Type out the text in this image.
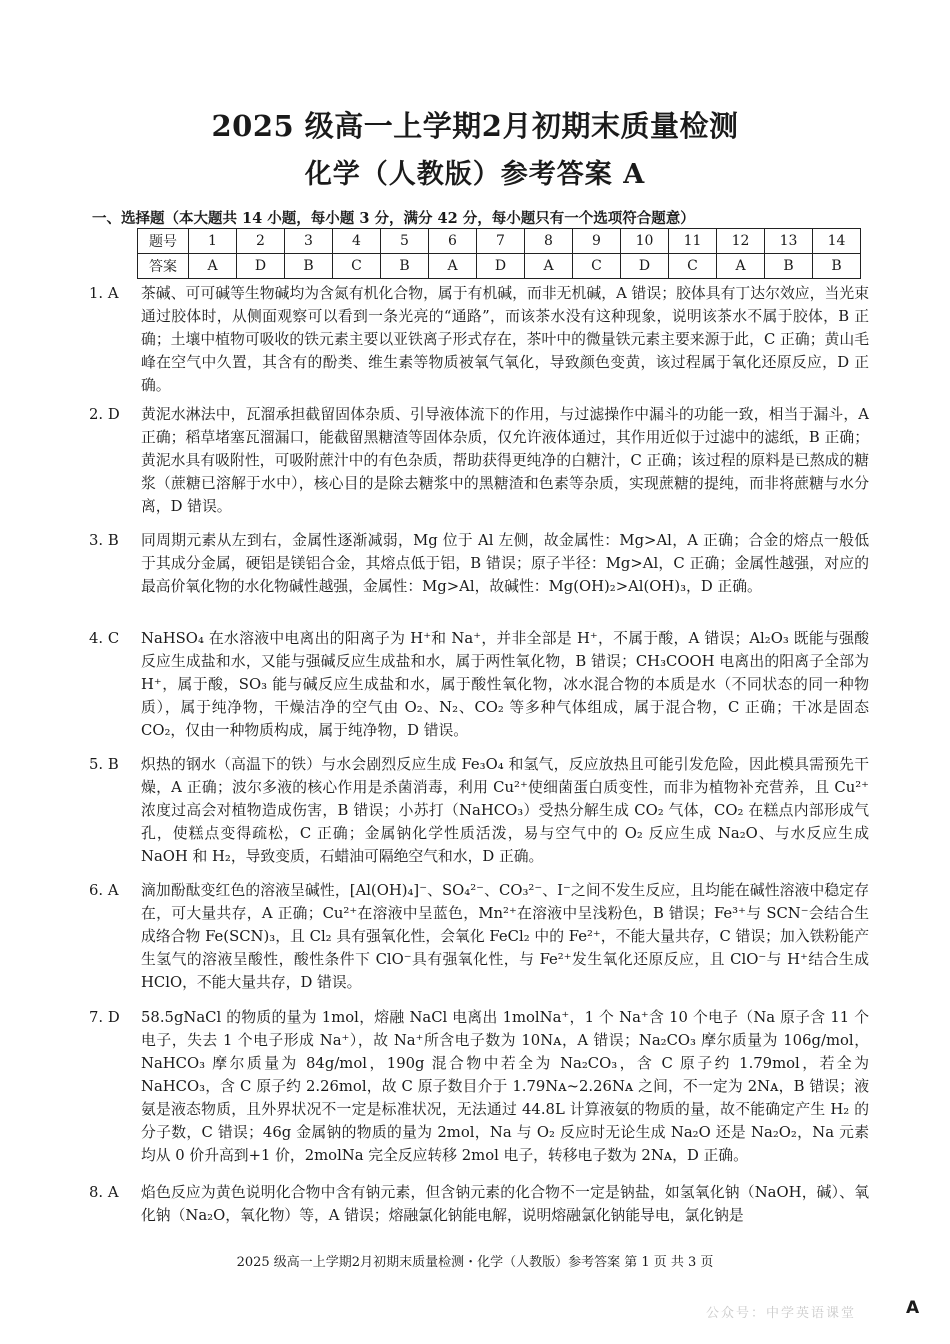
2025 级高一上学期2月初期末质量检测
化学（人教版）参考答案 A
一、选择题（本大题共 14 小题，每小题 3 分，满分 42 分，每小题只有一个选项符合题意）
题号	1	2	3	4	5	6	7	8	9	10	11	12	13	14
答案	A	D	B	C	B	A	D	A	C	D	C	A	B	B
1. A	茶碱、可可碱等生物碱均为含氮有机化合物，属于有机碱，而非无机碱，A 错误；胶体具有丁达尔效应，当光束通过胶体时，从侧面观察可以看到一条光亮的“通路”，而该茶水没有这种现象，说明该茶水不属于胶体，B 正确；土壤中植物可吸收的铁元素主要以亚铁离子形式存在，茶叶中的微量铁元素主要来源于此，C 正确；黄山毛峰在空气中久置，其含有的酚类、维生素等物质被氧气氧化，导致颜色变黄，该过程属于氧化还原反应，D 正确。

2. D	黄泥水淋法中，瓦溜承担截留固体杂质、引导液体流下的作用，与过滤操作中漏斗的功能一致，相当于漏斗，A 正确；稻草堵塞瓦溜漏口，能截留黑糖渣等固体杂质，仅允许液体通过，其作用近似于过滤中的滤纸，B 正确；黄泥水具有吸附性，可吸附蔗汁中的有色杂质，帮助获得更纯净的白糖汁，C 正确；该过程的原料是已熬成的糖浆（蔗糖已溶解于水中），核心目的是除去糖浆中的黑糖渣和色素等杂质，实现蔗糖的提纯，而非将蔗糖与水分离，D 错误。

3. B	同周期元素从左到右，金属性逐渐减弱，Mg 位于 Al 左侧，故金属性：Mg>Al，A 正确；合金的熔点一般低于其成分金属，硬铝是镁铝合金，其熔点低于铝，B 错误；原子半径：Mg>Al，C 正确；金属性越强，对应的最高价氧化物的水化物碱性越强，金属性：Mg>Al，故碱性：Mg(OH)₂>Al(OH)₃，D 正确。

4. C	NaHSO₄ 在水溶液中电离出的阳离子为 H⁺和 Na⁺，并非全部是 H⁺，不属于酸，A 错误；Al₂O₃ 既能与强酸反应生成盐和水，又能与强碱反应生成盐和水，属于两性氧化物，B 错误；CH₃COOH 电离出的阳离子全部为 H⁺，属于酸，SO₃ 能与碱反应生成盐和水，属于酸性氧化物，冰水混合物的本质是水（不同状态的同一种物质），属于纯净物，干燥洁净的空气由 O₂、N₂、CO₂ 等多种气体组成，属于混合物，C 正确；干冰是固态 CO₂，仅由一种物质构成，属于纯净物，D 错误。

5. B	炽热的钢水（高温下的铁）与水会剧烈反应生成 Fe₃O₄ 和氢气，反应放热且可能引发危险，因此模具需预先干燥，A 正确；波尔多液的核心作用是杀菌消毒，利用 Cu²⁺使细菌蛋白质变性，而非为植物补充营养，且 Cu²⁺浓度过高会对植物造成伤害，B 错误；小苏打（NaHCO₃）受热分解生成 CO₂ 气体，CO₂ 在糕点内部形成气孔，使糕点变得疏松，C 正确；金属钠化学性质活泼，易与空气中的 O₂ 反应生成 Na₂O、与水反应生成 NaOH 和 H₂，导致变质，石蜡油可隔绝空气和水，D 正确。

6. A	滴加酚酞变红色的溶液呈碱性，[Al(OH)₄]⁻、SO₄²⁻、CO₃²⁻、I⁻之间不发生反应，且均能在碱性溶液中稳定存在，可大量共存，A 正确；Cu²⁺在溶液中呈蓝色，Mn²⁺在溶液中呈浅粉色，B 错误；Fe³⁺与 SCN⁻会结合生成络合物 Fe(SCN)₃，且 Cl₂ 具有强氧化性，会氧化 FeCl₂ 中的 Fe²⁺，不能大量共存，C 错误；加入铁粉能产生氢气的溶液呈酸性，酸性条件下 ClO⁻具有强氧化性，与 Fe²⁺发生氧化还原反应，且 ClO⁻与 H⁺结合生成 HClO，不能大量共存，D 错误。

7. D	58.5gNaCl 的物质的量为 1mol，熔融 NaCl 电离出 1molNa⁺，1 个 Na⁺含 10 个电子（Na 原子含 11 个电子，失去 1 个电子形成 Na⁺），故 Na⁺所含电子数为 10Nᴀ，A 错误；Na₂CO₃ 摩尔质量为 106g/mol，NaHCO₃ 摩尔质量为 84g/mol，190g 混合物中若全为 Na₂CO₃，含 C 原子约 1.79mol，若全为 NaHCO₃，含 C 原子约 2.26mol，故 C 原子数目介于 1.79Nᴀ~2.26Nᴀ 之间，不一定为 2Nᴀ，B 错误；液氨是液态物质，且外界状况不一定是标准状况，无法通过 44.8L 计算液氨的物质的量，故不能确定产生 H₂ 的分子数，C 错误；46g 金属钠的物质的量为 2mol，Na 与 O₂ 反应时无论生成 Na₂O 还是 Na₂O₂，Na 元素均从 0 价升高到+1 价，2molNa 完全反应转移 2mol 电子，转移电子数为 2Nᴀ，D 正确。

8. A	焰色反应为黄色说明化合物中含有钠元素，但含钠元素的化合物不一定是钠盐，如氢氧化钠（NaOH，碱）、氧化钠（Na₂O，氧化物）等，A 错误；熔融氯化钠能电解，说明熔融氯化钠能导电，氯化钠是

2025 级高一上学期2月初期末质量检测・化学（人教版）参考答案 第 1 页 共 3 页
公众号：中学英语课堂	A
